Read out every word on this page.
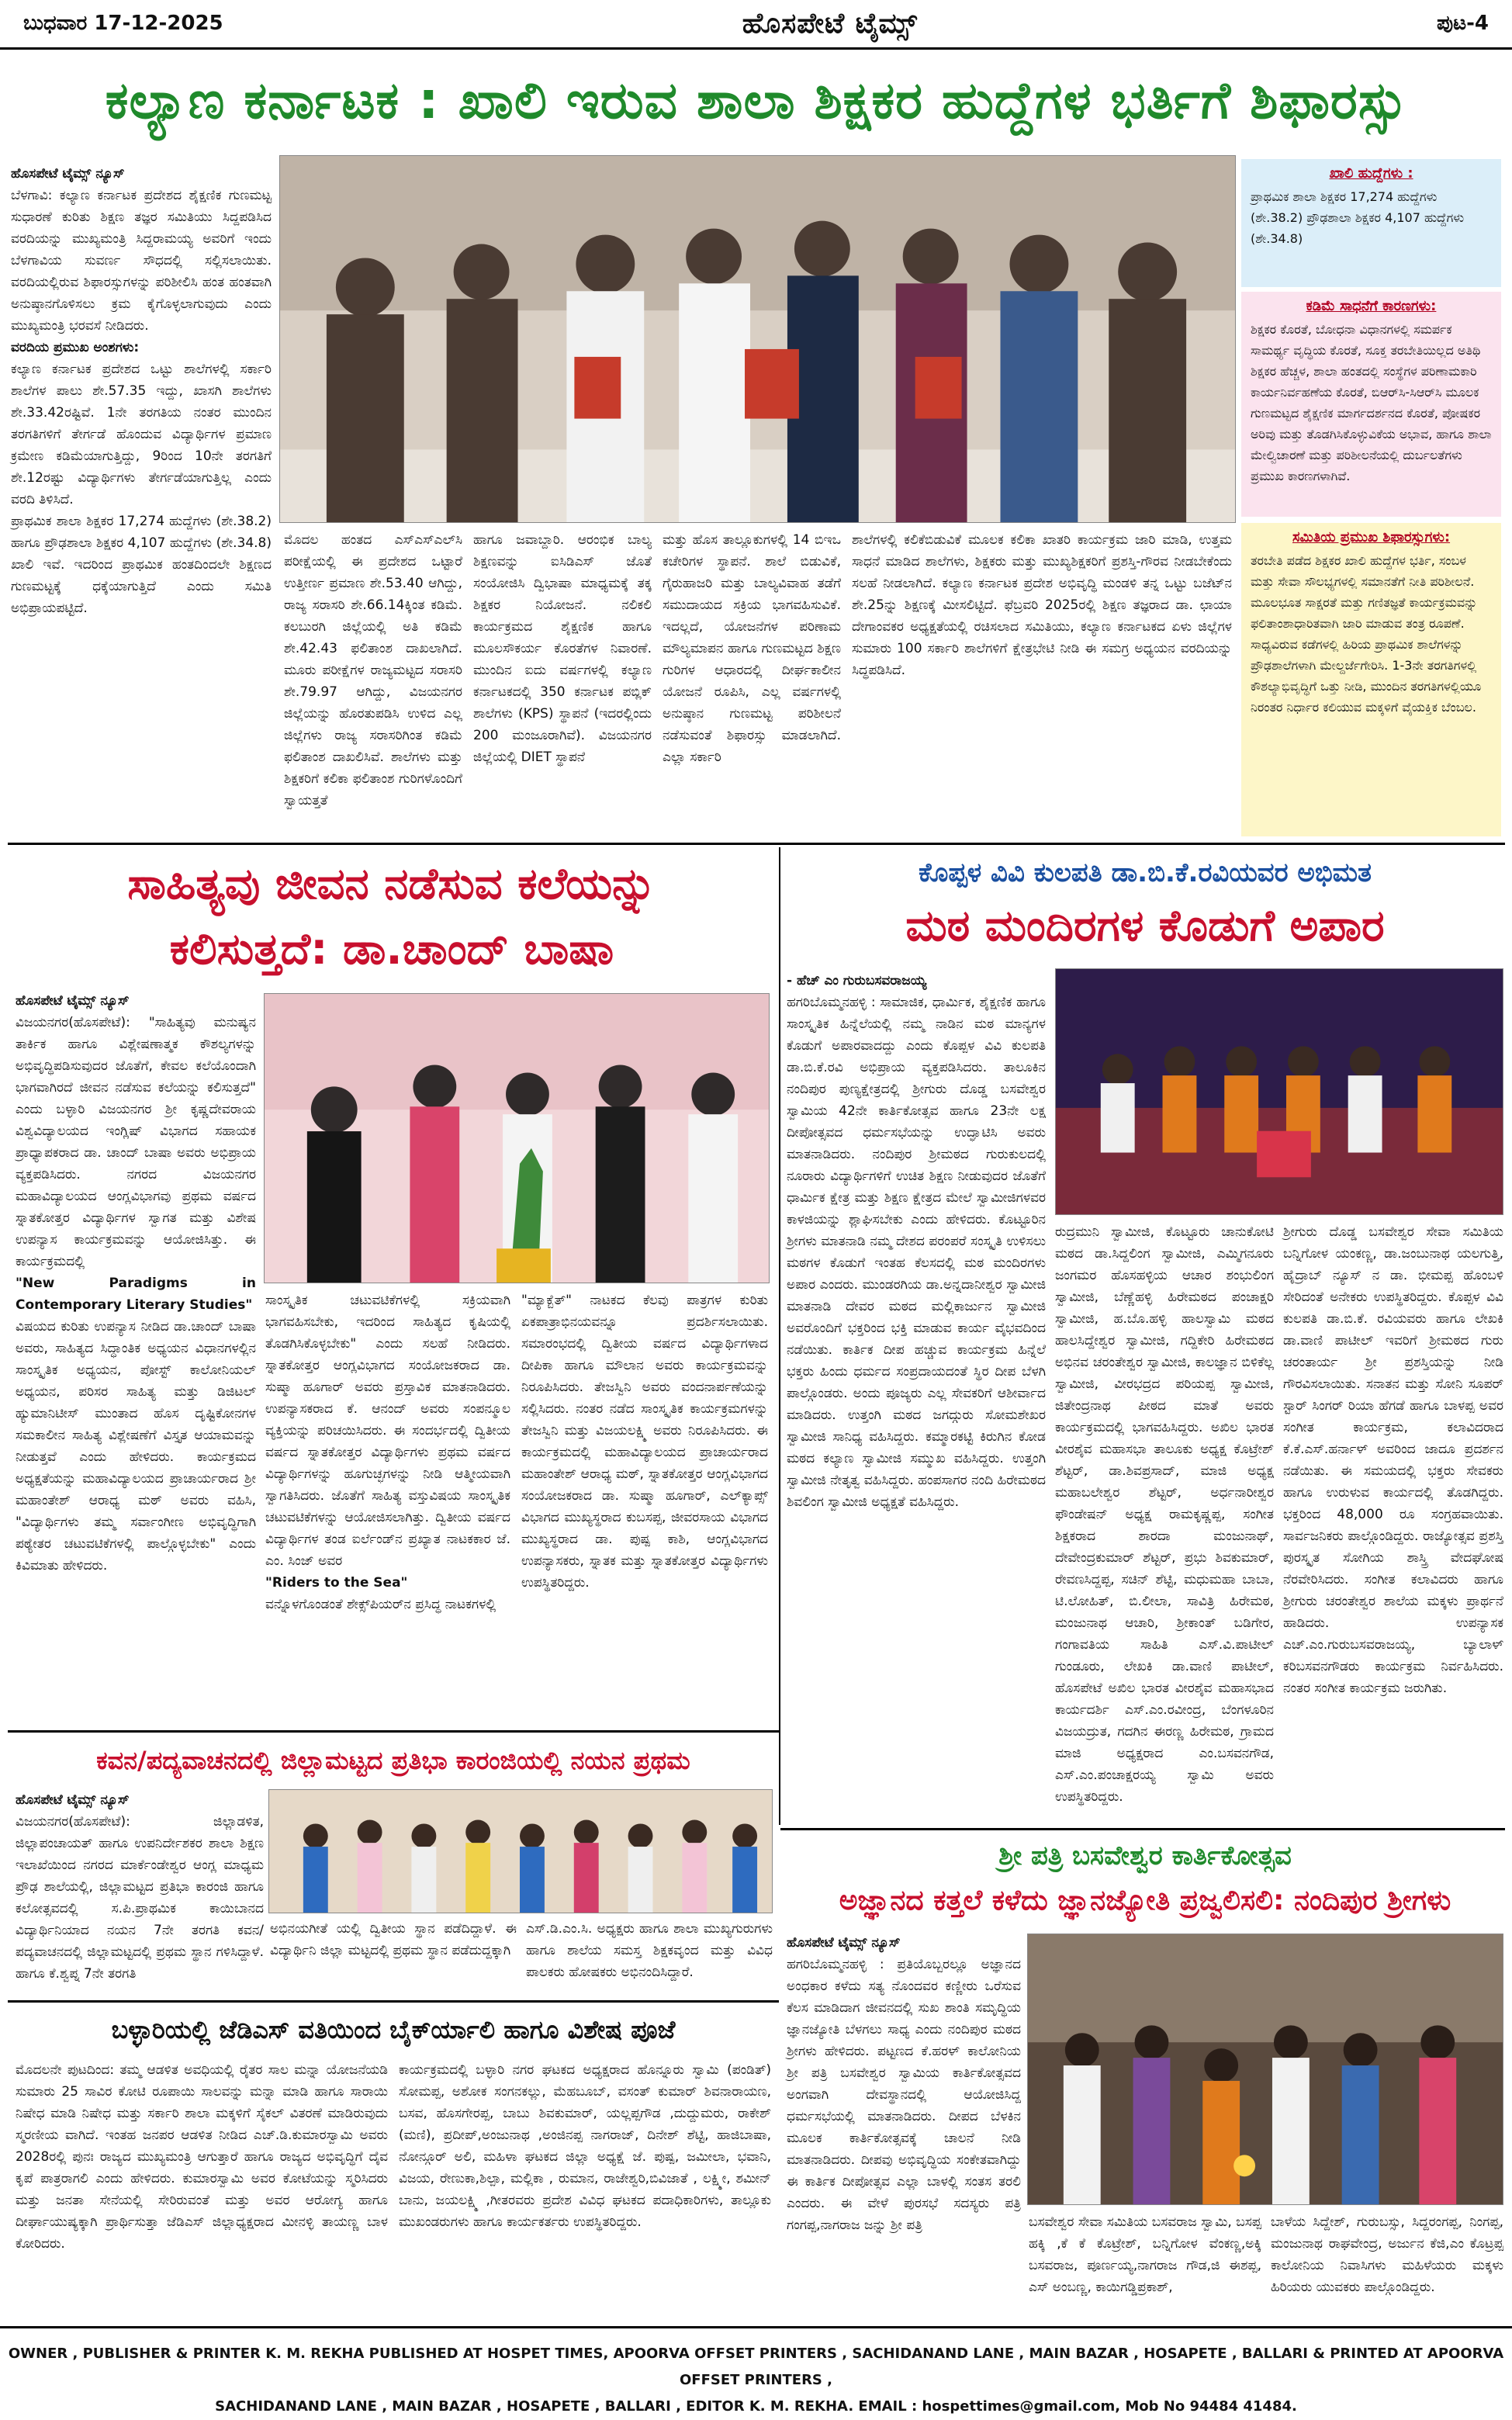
ಬುಧವಾರ 17-12-2025	ಹೊಸಪೇಟೆ ಟೈಮ್ಸ್	ಪುಟ-4
ಕಲ್ಯಾಣ ಕರ್ನಾಟಕ : ಖಾಲಿ ಇರುವ ಶಾಲಾ ಶಿಕ್ಷಕರ ಹುದ್ದೆಗಳ ಭರ್ತಿಗೆ ಶಿಫಾರಸ್ಸು
ಹೊಸಪೇಟೆ ಟೈಮ್ಸ್ ನ್ಯೂಸ್
ಬೆಳಗಾವಿ: ಕಲ್ಯಾಣ ಕರ್ನಾಟಕ ಪ್ರದೇಶದ ಶೈಕ್ಷಣಿಕ ಗುಣಮಟ್ಟ ಸುಧಾರಣೆ ಕುರಿತು ಶಿಕ್ಷಣ ತಜ್ಞರ ಸಮಿತಿಯು ಸಿದ್ದಪಡಿಸಿದ ವರದಿಯನ್ನು ಮುಖ್ಯಮಂತ್ರಿ ಸಿದ್ದರಾಮಯ್ಯ ಅವರಿಗೆ ಇಂದು ಬೆಳಗಾವಿಯ ಸುವರ್ಣ ಸೌಧದಲ್ಲಿ ಸಲ್ಲಿಸಲಾಯಿತು. ವರದಿಯಲ್ಲಿರುವ ಶಿಫಾರಸ್ಸುಗಳನ್ನು ಪರಿಶೀಲಿಸಿ ಹಂತ ಹಂತವಾಗಿ ಅನುಷ್ಠಾನಗೊಳಿಸಲು ಕ್ರಮ ಕೈಗೊಳ್ಳಲಾಗುವುದು ಎಂದು ಮುಖ್ಯಮಂತ್ರಿ ಭರವಸೆ ನೀಡಿದರು.
ವರದಿಯ ಪ್ರಮುಖ ಅಂಶಗಳು:
ಕಲ್ಯಾಣ ಕರ್ನಾಟಕ ಪ್ರದೇಶದ ಒಟ್ಟು ಶಾಲೆಗಳಲ್ಲಿ ಸರ್ಕಾರಿ ಶಾಲೆಗಳ ಪಾಲು ಶೇ.57.35 ಇದ್ದು, ಖಾಸಗಿ ಶಾಲೆಗಳು ಶೇ.33.42ರಷ್ಟಿವೆ. 1ನೇ ತರಗತಿಯ ನಂತರ ಮುಂದಿನ ತರಗತಿಗಳಿಗೆ ತೇರ್ಗಡೆ ಹೊಂದುವ ವಿದ್ಯಾರ್ಥಿಗಳ ಪ್ರಮಾಣ ಕ್ರಮೇಣ ಕಡಿಮೆಯಾಗುತ್ತಿದ್ದು, 9ರಿಂದ 10ನೇ ತರಗತಿಗೆ ಶೇ.12ರಷ್ಟು ವಿದ್ಯಾರ್ಥಿಗಳು ತೇರ್ಗಡೆಯಾಗುತ್ತಿಲ್ಲ ಎಂದು ವರದಿ ತಿಳಿಸಿದೆ.
ಪ್ರಾಥಮಿಕ ಶಾಲಾ ಶಿಕ್ಷಕರ 17,274 ಹುದ್ದೆಗಳು (ಶೇ.38.2) ಹಾಗೂ ಪ್ರೌಢಶಾಲಾ ಶಿಕ್ಷಕರ 4,107 ಹುದ್ದೆಗಳು (ಶೇ.34.8) ಖಾಲಿ ಇವೆ. ಇದರಿಂದ ಪ್ರಾಥಮಿಕ ಹಂತದಿಂದಲೇ ಶಿಕ್ಷಣದ ಗುಣಮಟ್ಟಕ್ಕೆ ಧಕ್ಕೆಯಾಗುತ್ತಿದೆ ಎಂದು ಸಮಿತಿ ಅಭಿಪ್ರಾಯಪಟ್ಟಿದೆ.
ಖಾಲಿ ಹುದ್ದೆಗಳು :
ಪ್ರಾಥಮಿಕ ಶಾಲಾ ಶಿಕ್ಷಕರ 17,274 ಹುದ್ದೆಗಳು (ಶೇ.38.2) ಪ್ರೌಢಶಾಲಾ ಶಿಕ್ಷಕರ 4,107 ಹುದ್ದೆಗಳು (ಶೇ.34.8)
ಕಡಿಮೆ ಸಾಧನೆಗೆ ಕಾರಣಗಳು:
ಶಿಕ್ಷಕರ ಕೊರತೆ, ಬೋಧನಾ ವಿಧಾನಗಳಲ್ಲಿ ಸಮರ್ಪಕ ಸಾಮರ್ಥ್ಯ ವೃದ್ಧಿಯ ಕೊರತೆ, ಸೂಕ್ತ ತರಬೇತಿಯಿಲ್ಲದ ಅತಿಥಿ ಶಿಕ್ಷಕರ ಹೆಚ್ಚಳ, ಶಾಲಾ ಹಂತದಲ್ಲಿ ಸಂಸ್ಥೆಗಳ ಪರಿಣಾಮಕಾರಿ ಕಾರ್ಯನಿರ್ವಹಣೆಯ ಕೊರತೆ, ಬಿಆರ್‌ಸಿ-ಸಿಆರ್‌ಸಿ ಮೂಲಕ ಗುಣಮಟ್ಟದ ಶೈಕ್ಷಣಿಕ ಮಾರ್ಗದರ್ಶನದ ಕೊರತೆ, ಪೋಷಕರ ಅರಿವು ಮತ್ತು ತೊಡಗಿಸಿಕೊಳ್ಳುವಿಕೆಯ ಅಭಾವ, ಹಾಗೂ ಶಾಲಾ ಮೇಲ್ವಿಚಾರಣೆ ಮತ್ತು ಪರಿಶೀಲನೆಯಲ್ಲಿ ದುರ್ಬಲತೆಗಳು ಪ್ರಮುಖ ಕಾರಣಗಳಾಗಿವೆ.
ಸಮಿತಿಯ ಪ್ರಮುಖ ಶಿಫಾರಸ್ಸುಗಳು:
ತರಬೇತಿ ಪಡೆದ ಶಿಕ್ಷಕರ ಖಾಲಿ ಹುದ್ದೆಗಳ ಭರ್ತಿ, ಸಂಬಳ ಮತ್ತು ಸೇವಾ ಸೌಲಭ್ಯಗಳಲ್ಲಿ ಸಮಾನತೆಗೆ ನೀತಿ ಪರಿಶೀಲನೆ. ಮೂಲಭೂತ ಸಾಕ್ಷರತೆ ಮತ್ತು ಗಣಿತಜ್ಞತೆ ಕಾರ್ಯಕ್ರಮವನ್ನು ಫಲಿತಾಂಶಾಧಾರಿತವಾಗಿ ಜಾರಿ ಮಾಡುವ ತಂತ್ರ ರೂಪಣೆ. ಸಾಧ್ಯವಿರುವ ಕಡೆಗಳಲ್ಲಿ ಹಿರಿಯ ಪ್ರಾಥಮಿಕ ಶಾಲೆಗಳನ್ನು ಪ್ರೌಢಶಾಲೆಗಳಾಗಿ ಮೇಲ್ದರ್ಜೆಗೇರಿಸಿ. 1-3ನೇ ತರಗತಿಗಳಲ್ಲಿ ಕೌಶಲ್ಯಾಭಿವೃದ್ಧಿಗೆ ಒತ್ತು ನೀಡಿ, ಮುಂದಿನ ತರಗತಿಗಳಲ್ಲಿಯೂ ನಿರಂತರ ನಿರ್ಧಾರ ಕಲಿಯುವ ಮಕ್ಕಳಿಗೆ ವೈಯಕ್ತಿಕ ಬೆಂಬಲ.
ಮೊದಲ ಹಂತದ ಎಸ್‌ಎಸ್‌ಎಲ್‌ಸಿ ಪರೀಕ್ಷೆಯಲ್ಲಿ ಈ ಪ್ರದೇಶದ ಒಟ್ಟಾರೆ ಉತ್ತೀರ್ಣ ಪ್ರಮಾಣ ಶೇ.53.40 ಆಗಿದ್ದು, ರಾಜ್ಯ ಸರಾಸರಿ ಶೇ.66.14ಕ್ಕಿಂತ ಕಡಿಮೆ. ಕಲಬುರಗಿ ಜಿಲ್ಲೆಯಲ್ಲಿ ಅತಿ ಕಡಿಮೆ ಶೇ.42.43 ಫಲಿತಾಂಶ ದಾಖಲಾಗಿದೆ. ಮೂರು ಪರೀಕ್ಷೆಗಳ ರಾಜ್ಯಮಟ್ಟದ ಸರಾಸರಿ ಶೇ.79.97 ಆಗಿದ್ದು, ವಿಜಯನಗರ ಜಿಲ್ಲೆಯನ್ನು ಹೊರತುಪಡಿಸಿ ಉಳಿದ ಎಲ್ಲ ಜಿಲ್ಲೆಗಳು ರಾಜ್ಯ ಸರಾಸರಿಗಿಂತ ಕಡಿಮೆ ಫಲಿತಾಂಶ ದಾಖಲಿಸಿವೆ. ಶಾಲೆಗಳು ಮತ್ತು ಶಿಕ್ಷಕರಿಗೆ ಕಲಿಕಾ ಫಲಿತಾಂಶ ಗುರಿಗಳೊಂದಿಗೆ ಸ್ವಾಯತ್ತತೆ
ಹಾಗೂ ಜವಾಬ್ದಾರಿ. ಆರಂಭಿಕ ಬಾಲ್ಯ ಶಿಕ್ಷಣವನ್ನು ಐಸಿಡಿಎಸ್ ಜೊತೆ ಸಂಯೋಜಿಸಿ ದ್ವಿಭಾಷಾ ಮಾಧ್ಯಮಕ್ಕೆ ತಕ್ಕ ಶಿಕ್ಷಕರ ನಿಯೋಜನೆ. ನಲಿಕಲಿ ಕಾರ್ಯಕ್ರಮದ ಶೈಕ್ಷಣಿಕ ಹಾಗೂ ಮೂಲಸೌಕರ್ಯ ಕೊರತೆಗಳ ನಿವಾರಣೆ. ಮುಂದಿನ ಐದು ವರ್ಷಗಳಲ್ಲಿ ಕಲ್ಯಾಣ ಕರ್ನಾಟಕದಲ್ಲಿ 350 ಕರ್ನಾಟಕ ಪಬ್ಲಿಕ್ ಶಾಲೆಗಳು (KPS) ಸ್ಥಾಪನೆ (ಇದರಲ್ಲಿಂದು 200 ಮಂಜೂರಾಗಿವೆ). ವಿಜಯನಗರ ಜಿಲ್ಲೆಯಲ್ಲಿ DIET ಸ್ಥಾಪನೆ
ಮತ್ತು ಹೊಸ ತಾಲ್ಲೂಕುಗಳಲ್ಲಿ 14 ಬಿಇಒ ಕಚೇರಿಗಳ ಸ್ಥಾಪನೆ. ಶಾಲೆ ಬಿಡುವಿಕೆ, ಗೈರುಹಾಜರಿ ಮತ್ತು ಬಾಲ್ಯವಿವಾಹ ತಡೆಗೆ ಸಮುದಾಯದ ಸಕ್ರಿಯ ಭಾಗವಹಿಸುವಿಕೆ. ಇದಲ್ಲದೆ, ಯೋಜನೆಗಳ ಪರಿಣಾಮ ಮೌಲ್ಯಮಾಪನ ಹಾಗೂ ಗುಣಮಟ್ಟದ ಶಿಕ್ಷಣ ಗುರಿಗಳ ಆಧಾರದಲ್ಲಿ ದೀರ್ಘಕಾಲೀನ ಯೋಜನೆ ರೂಪಿಸಿ, ಎಲ್ಲ ವರ್ಷಗಳಲ್ಲಿ ಅನುಷ್ಠಾನ ಗುಣಮಟ್ಟ ಪರಿಶೀಲನೆ ನಡೆಸುವಂತೆ ಶಿಫಾರಸ್ಸು ಮಾಡಲಾಗಿದೆ. ಎಲ್ಲಾ ಸರ್ಕಾರಿ
ಶಾಲೆಗಳಲ್ಲಿ ಕಲಿಕೆಬಿಡುವಿಕೆ ಮೂಲಕ ಕಲಿಕಾ ಖಾತರಿ ಕಾರ್ಯಕ್ರಮ ಜಾರಿ ಮಾಡಿ, ಉತ್ತಮ ಸಾಧನೆ ಮಾಡಿದ ಶಾಲೆಗಳು, ಶಿಕ್ಷಕರು ಮತ್ತು ಮುಖ್ಯಶಿಕ್ಷಕರಿಗೆ ಪ್ರಶಸ್ತಿ-ಗೌರವ ನೀಡಬೇಕೆಂದು ಸಲಹೆ ನೀಡಲಾಗಿದೆ. ಕಲ್ಯಾಣ ಕರ್ನಾಟಕ ಪ್ರದೇಶ ಅಭಿವೃದ್ಧಿ ಮಂಡಳಿ ತನ್ನ ಒಟ್ಟು ಬಜೆಟ್‌ನ ಶೇ.25ನ್ನು ಶಿಕ್ಷಣಕ್ಕೆ ಮೀಸಲಿಟ್ಟಿದೆ. ಫೆಬ್ರವರಿ 2025ರಲ್ಲಿ ಶಿಕ್ಷಣ ತಜ್ಞರಾದ ಡಾ. ಛಾಯಾ ದೇಗಾಂವಕರ ಅಧ್ಯಕ್ಷತೆಯಲ್ಲಿ ರಚಿಸಲಾದ ಸಮಿತಿಯು, ಕಲ್ಯಾಣ ಕರ್ನಾಟಕದ ಏಳು ಜಿಲ್ಲೆಗಳ ಸುಮಾರು 100 ಸರ್ಕಾರಿ ಶಾಲೆಗಳಿಗೆ ಕ್ಷೇತ್ರಭೇಟಿ ನೀಡಿ ಈ ಸಮಗ್ರ ಅಧ್ಯಯನ ವರದಿಯನ್ನು ಸಿದ್ಧಪಡಿಸಿದೆ.
ಸಾಹಿತ್ಯವು ಜೀವನ ನಡೆಸುವ ಕಲೆಯನ್ನು
ಕಲಿಸುತ್ತದೆ: ಡಾ.ಚಾಂದ್ ಬಾಷಾ
ಹೊಸಪೇಟೆ ಟೈಮ್ಸ್ ನ್ಯೂಸ್
ವಿಜಯನಗರ(ಹೊಸಪೇಟೆ): "ಸಾಹಿತ್ಯವು ಮನುಷ್ಯನ ತಾರ್ಕಿಕ ಹಾಗೂ ವಿಶ್ಲೇಷಣಾತ್ಮಕ ಕೌಶಲ್ಯಗಳನ್ನು ಅಭಿವೃದ್ಧಿಪಡಿಸುವುದರ ಜೊತೆಗೆ, ಕೇವಲ ಕಲೆಯೊಂದಾಗಿ ಭಾಗವಾಗಿರದೆ ಜೀವನ ನಡೆಸುವ ಕಲೆಯನ್ನು ಕಲಿಸುತ್ತದೆ" ಎಂದು ಬಳ್ಳಾರಿ ವಿಜಯನಗರ ಶ್ರೀ ಕೃಷ್ಣದೇವರಾಯ ವಿಶ್ವವಿದ್ಯಾಲಯದ ಇಂಗ್ಲಿಷ್ ವಿಭಾಗದ ಸಹಾಯಕ ಪ್ರಾಧ್ಯಾಪಕರಾದ ಡಾ. ಚಾಂದ್ ಬಾಷಾ ಅವರು ಅಭಿಪ್ರಾಯ ವ್ಯಕ್ತಪಡಿಸಿದರು. ನಗರದ ವಿಜಯನಗರ ಮಹಾವಿದ್ಯಾಲಯದ ಆಂಗ್ಲವಿಭಾಗವು ಪ್ರಥಮ ವರ್ಷದ ಸ್ನಾತಕೋತ್ತರ ವಿದ್ಯಾರ್ಥಿಗಳ ಸ್ವಾಗತ ಮತ್ತು ವಿಶೇಷ ಉಪನ್ಯಾಸ ಕಾರ್ಯಕ್ರಮವನ್ನು ಆಯೋಜಿಸಿತ್ತು. ಈ ಕಾರ್ಯಕ್ರಮದಲ್ಲಿ
"New Paradigms in Contemporary Literary Studies"
ವಿಷಯದ ಕುರಿತು ಉಪನ್ಯಾಸ ನೀಡಿದ ಡಾ.ಚಾಂದ್ ಬಾಷಾ ಅವರು, ಸಾಹಿತ್ಯದ ಸಿದ್ಧಾಂತಿಕ ಅಧ್ಯಯನ ವಿಧಾನಗಳಲ್ಲಿನ ಸಾಂಸ್ಕೃತಿಕ ಅಧ್ಯಯನ, ಪೋಸ್ಟ್ ಕಾಲೋನಿಯಲ್ ಅಧ್ಯಯನ, ಪರಿಸರ ಸಾಹಿತ್ಯ ಮತ್ತು ಡಿಜಿಟಲ್ ಹ್ಯುಮಾನಿಟೀಸ್ ಮುಂತಾದ ಹೊಸ ದೃಷ್ಟಿಕೋನಗಳ ಸಮಕಾಲೀನ ಸಾಹಿತ್ಯ ವಿಶ್ಲೇಷಣೆಗೆ ವಿಸ್ತೃತ ಆಯಾಮವನ್ನು ನೀಡುತ್ತವೆ ಎಂದು ಹೇಳಿದರು. ಕಾರ್ಯಕ್ರಮದ ಅಧ್ಯಕ್ಷತೆಯನ್ನು ಮಹಾವಿದ್ಯಾಲಯದ ಪ್ರಾಚಾರ್ಯರಾದ ಶ್ರೀ ಮಹಾಂತೇಶ್ ಆರಾಧ್ಯ ಮಠ್ ಅವರು ವಹಿಸಿ, "ವಿದ್ಯಾರ್ಥಿಗಳು ತಮ್ಮ ಸರ್ವಾಂಗೀಣ ಅಭಿವೃದ್ಧಿಗಾಗಿ ಪಠ್ಯೇತರ ಚಟುವಟಿಕೆಗಳಲ್ಲಿ ಪಾಲ್ಗೊಳ್ಳಬೇಕು" ಎಂದು ಕಿವಿಮಾತು ಹೇಳಿದರು.
ಸಾಂಸ್ಕೃತಿಕ ಚಟುವಟಿಕೆಗಳಲ್ಲಿ ಸಕ್ರಿಯವಾಗಿ ಭಾಗವಹಿಸಬೇಕು, ಇದರಿಂದ ಸಾಹಿತ್ಯದ ಕೃಷಿಯಲ್ಲಿ ತೊಡಗಿಸಿಕೊಳ್ಳಬೇಕು" ಎಂದು ಸಲಹೆ ನೀಡಿದರು. ಸ್ನಾತಕೋತ್ತರ ಆಂಗ್ಲವಿಭಾಗದ ಸಂಯೋಜಕರಾದ ಡಾ. ಸುಷ್ಮಾ ಹೂಗಾರ್ ಅವರು ಪ್ರಸ್ತಾವಿಕ ಮಾತನಾಡಿದರು. ಉಪನ್ಯಾಸಕರಾದ ಕೆ. ಆನಂದ್ ಅವರು ಸಂಪನ್ಮೂಲ ವ್ಯಕ್ತಿಯನ್ನು ಪರಿಚಯಿಸಿದರು. ಈ ಸಂದರ್ಭದಲ್ಲಿ ದ್ವಿತೀಯ ವರ್ಷದ ಸ್ನಾತಕೋತ್ತರ ವಿದ್ಯಾರ್ಥಿಗಳು ಪ್ರಥಮ ವರ್ಷದ ವಿದ್ಯಾರ್ಥಿಗಳನ್ನು ಹೂಗುಚ್ಛಗಳನ್ನು ನೀಡಿ ಆತ್ಮೀಯವಾಗಿ ಸ್ವಾಗತಿಸಿದರು. ಜೊತೆಗೆ ಸಾಹಿತ್ಯ ವಸ್ತುವಿಷಯ ಸಾಂಸ್ಕೃತಿಕ ಚಟುವಟಿಕೆಗಳನ್ನು ಆಯೋಜಿಸಲಾಗಿತ್ತು. ದ್ವಿತೀಯ ವರ್ಷದ ವಿದ್ಯಾರ್ಥಿಗಳ ತಂಡ ಐರ್ಲೆಂಡ್‌ನ ಪ್ರಖ್ಯಾತ ನಾಟಕಕಾರ ಜೆ. ಎಂ. ಸಿಂಜ್ ಅವರ
"Riders to the Sea"
ವನ್ನೊಳಗೊಂಡಂತೆ ಶೇಕ್ಸ್‌ಪಿಯರ್‌ನ ಪ್ರಸಿದ್ಧ ನಾಟಕಗಳಲ್ಲಿ
"ಮ್ಯಾಕ್ಬೆತ್" ನಾಟಕದ ಕೆಲವು ಪಾತ್ರಗಳ ಕುರಿತು ಏಕಪಾತ್ರಾಭಿನಯವನ್ನೂ ಪ್ರದರ್ಶಿಸಲಾಯಿತು. ಸಮಾರಂಭದಲ್ಲಿ ದ್ವಿತೀಯ ವರ್ಷದ ವಿದ್ಯಾರ್ಥಿಗಳಾದ ದೀಪಿಕಾ ಹಾಗೂ ಮೌಲಾನ ಅವರು ಕಾರ್ಯಕ್ರಮವನ್ನು ನಿರೂಪಿಸಿದರು. ತೇಜಸ್ವಿನಿ ಅವರು ವಂದನಾರ್ಪಣೆಯನ್ನು ಸಲ್ಲಿಸಿದರು. ನಂತರ ನಡೆದ ಸಾಂಸ್ಕೃತಿಕ ಕಾರ್ಯಕ್ರಮಗಳನ್ನು ತೇಜಸ್ವಿನಿ ಮತ್ತು ವಿಜಯಲಕ್ಷ್ಮಿ ಅವರು ನಿರೂಪಿಸಿದರು. ಈ ಕಾರ್ಯಕ್ರಮದಲ್ಲಿ ಮಹಾವಿದ್ಯಾಲಯದ ಪ್ರಾಚಾರ್ಯರಾದ ಮಹಾಂತೇಶ್ ಆರಾಧ್ಯ ಮಠ್, ಸ್ನಾತಕೋತ್ತರ ಆಂಗ್ಲವಿಭಾಗದ ಸಂಯೋಜಕರಾದ ಡಾ. ಸುಷ್ಮಾ ಹೂಗಾರ್, ಎಲ್‌ಕ್ಯಾಪ್ಸ್ ವಿಭಾಗದ ಮುಖ್ಯಸ್ಥರಾದ ಕುಬಸಪ್ಪ, ಜೀವರಸಾಯ ವಿಭಾಗದ ಮುಖ್ಯಸ್ಥರಾದ ಡಾ. ಪುಷ್ಪ ಕಾಶಿ, ಆಂಗ್ಲವಿಭಾಗದ ಉಪನ್ಯಾಸಕರು, ಸ್ನಾತಕ ಮತ್ತು ಸ್ನಾತಕೋತ್ತರ ವಿದ್ಯಾರ್ಥಿಗಳು ಉಪಸ್ಥಿತರಿದ್ದರು.
ಕೊಪ್ಪಳ ವಿವಿ ಕುಲಪತಿ ಡಾ.ಬಿ.ಕೆ.ರವಿಯವರ ಅಭಿಮತ
ಮಠ ಮಂದಿರಗಳ ಕೊಡುಗೆ ಅಪಾರ
- ಹೆಚ್ ಎಂ ಗುರುಬಸವರಾಜಯ್ಯ
ಹಗರಿಬೊಮ್ಮನಹಳ್ಳಿ : ಸಾಮಾಜಿಕ, ಧಾರ್ಮಿಕ, ಶೈಕ್ಷಣಿಕ ಹಾಗೂ ಸಾಂಸ್ಕೃತಿಕ ಹಿನ್ನೆಲೆಯಲ್ಲಿ ನಮ್ಮ ನಾಡಿನ ಮಠ ಮಾನ್ಯಗಳ ಕೊಡುಗೆ ಅಪಾರವಾದದ್ದು ಎಂದು ಕೊಪ್ಪಳ ವಿವಿ ಕುಲಪತಿ ಡಾ.ಬಿ.ಕೆ.ರವಿ ಅಭಿಪ್ರಾಯ ವ್ಯಕ್ತಪಡಿಸಿದರು. ತಾಲೂಕಿನ ನಂದಿಪುರ ಪುಣ್ಯಕ್ಷೇತ್ರದಲ್ಲಿ ಶ್ರೀಗುರು ದೊಡ್ಡ ಬಸವೇಶ್ವರ ಸ್ವಾಮಿಯ 42ನೇ ಕಾರ್ತಿಕೋತ್ಸವ ಹಾಗೂ 23ನೇ ಲಕ್ಷ ದೀಪೋತ್ಸವದ ಧರ್ಮಸಭೆಯನ್ನು ಉದ್ಘಾಟಿಸಿ ಅವರು ಮಾತನಾಡಿದರು. ನಂದಿಪುರ ಶ್ರೀಮಠದ ಗುರುಕುಲದಲ್ಲಿ ನೂರಾರು ವಿದ್ಯಾರ್ಥಿಗಳಿಗೆ ಉಚಿತ ಶಿಕ್ಷಣ ನೀಡುವುದರ ಜೊತೆಗೆ ಧಾರ್ಮಿಕ ಕ್ಷೇತ್ರ ಮತ್ತು ಶಿಕ್ಷಣ ಕ್ಷೇತ್ರದ ಮೇಲೆ ಸ್ವಾಮೀಜಿಗಳವರ ಕಾಳಜಿಯನ್ನು ಶ್ಲಾಘಿಸಬೇಕು ಎಂದು ಹೇಳಿದರು. ಕೊಟ್ಟೂರಿನ ಶ್ರೀಗಳು ಮಾತನಾಡಿ ನಮ್ಮ ದೇಶದ ಪರಂಪರೆ ಸಂಸ್ಕೃತಿ ಉಳಿಸಲು ಮಠಗಳ ಕೊಡುಗೆ ಇಂತಹ ಕೆಲಸದಲ್ಲಿ ಮಠ ಮಂದಿರಗಳು ಅಪಾರ ಎಂದರು. ಮುಂಡರಗಿಯ ಡಾ.ಅನ್ನದಾನೀಶ್ವರ ಸ್ವಾಮೀಜಿ ಮಾತನಾಡಿ ದೇವರ ಮಠದ ಮಲ್ಲಿಕಾರ್ಜುನ ಸ್ವಾಮೀಜಿ ಅವರೊಂದಿಗೆ ಭಕ್ತರಿಂದ ಭಕ್ತಿ ಮಾಡುವ ಕಾರ್ಯ ವೈಭವದಿಂದ ನಡೆಯಿತು. ಕಾರ್ತಿಕ ದೀಪ ಹಚ್ಚುವ ಕಾರ್ಯಕ್ರಮ ಹಿನ್ನೆಲೆ ಭಕ್ತರು ಹಿಂದು ಧರ್ಮದ ಸಂಪ್ರದಾಯದಂತೆ ಸ್ಥಿರ ದೀಪ ಬೆಳಗಿ ಪಾಲ್ಗೊಂಡರು. ಅಂದು ಪೂಜ್ಯರು ಎಲ್ಲ ಸೇವಕರಿಗೆ ಆಶೀರ್ವಾದ ಮಾಡಿದರು. ಉತ್ತಂಗಿ ಮಠದ ಜಗದ್ಗುರು ಸೋಮಶೇಖರ ಸ್ವಾಮೀಜಿ ಸಾನಿಧ್ಯ ವಹಿಸಿದ್ದರು. ಕಮ್ಮಾರಕಟ್ಟಿ ಕಿರುಗಿನ ಕೋಡ ಮಠದ ಕಲ್ಯಾಣ ಸ್ವಾಮೀಜಿ ಸಮ್ಮುಖ ವಹಿಸಿದ್ದರು. ಉತ್ತಂಗಿ ಸ್ವಾಮೀಜಿ ನೇತೃತ್ವ ವಹಿಸಿದ್ದರು. ಹಂಪಸಾಗರ ನಂದಿ ಹಿರೇಮಠದ ಶಿವಲಿಂಗ ಸ್ವಾಮೀಜಿ ಅಧ್ಯಕ್ಷತೆ ವಹಿಸಿದ್ದರು.
ರುದ್ರಮುನಿ ಸ್ವಾಮೀಜಿ, ಕೊಟ್ಟೂರು ಚಾನುಕೋಟಿ ಮಠದ ಡಾ.ಸಿದ್ದಲಿಂಗ ಸ್ವಾಮೀಜಿ, ಎಮ್ಮಿಗನೂರು ಜಂಗಮರ ಹೊಸಹಳ್ಳಿಯ ಆಚಾರ ಶಂಭುಲಿಂಗ ಸ್ವಾಮೀಜಿ, ಬೆಣ್ಣೆಹಳ್ಳಿ ಹಿರೇಮಠದ ಪಂಚಾಕ್ಷರಿ ಸ್ವಾಮೀಜಿ, ಹ.ಬೊ.ಹಳ್ಳಿ ಹಾಲಸ್ವಾಮಿ ಮಠದ ಹಾಲಸಿದ್ದೇಶ್ವರ ಸ್ವಾಮೀಜಿ, ಗದ್ದಿಕೇರಿ ಹಿರೇಮಠದ ಅಭಿನವ ಚರಂತೇಶ್ವರ ಸ್ವಾಮೀಜಿ, ಕಾಲಜ್ಞಾನ ಬಿಳಿಕೆಲ್ಲ ಸ್ವಾಮೀಜಿ, ವೀರಭದ್ರದ ಪರಿಯಪ್ಪ ಸ್ವಾಮೀಜಿ, ಜಿತೇಂದ್ರನಾಥ ಪೀಠದ ಮಾತೆ ಅವರು ಕಾರ್ಯಕ್ರಮದಲ್ಲಿ ಭಾಗವಹಿಸಿದ್ದರು. ಅಖಿಲ ಭಾರತ ವೀರಶೈವ ಮಹಾಸಭಾ ತಾಲೂಕು ಅಧ್ಯಕ್ಷ ಕೊಟ್ರೇಶ್ ಶೆಟ್ಟರ್, ಡಾ.ಶಿವಪ್ರಸಾದ್, ಮಾಜಿ ಅಧ್ಯಕ್ಷ ಮಹಾಬಲೇಶ್ವರ ಶೆಟ್ಟರ್, ಅರ್ಧನಾರೀಶ್ವರ ಫೌಂಡೇಷನ್ ಅಧ್ಯಕ್ಷ ರಾಮಕೃಷ್ಣಪ್ಪ, ಸಂಗೀತ ಶಿಕ್ಷಕರಾದ ಶಾರದಾ ಮಂಜುನಾಥ್, ದೇವೇಂದ್ರಕುಮಾರ್ ಶೆಟ್ಟರ್, ಪ್ರಭು ಶಿವಕುಮಾರ್, ರೇವಣಸಿದ್ದಪ್ಪ, ಸಚಿನ್ ಶೆಟ್ಟಿ, ಮಧುಮಹಾ ಬಾಬಾ, ಟಿ.ಲೋಹಿತ್, ಬಿ.ಲೀಲಾ, ಸಾವಿತ್ರಿ ಹಿರೇಮಠ, ಮಂಜುನಾಥ ಆಚಾರಿ, ಶ್ರೀಕಾಂತ್ ಬಡಿಗೇರ, ಗಂಗಾವತಿಯ ಸಾಹಿತಿ ಎಸ್.ವಿ.ಪಾಟೀಲ್ ಗುಂಡೂರು, ಲೇಖಕಿ ಡಾ.ವಾಣಿ ಪಾಟೀಲ್, ಹೊಸಪೇಟೆ ಅಖಿಲ ಭಾರತ ವೀರಶೈವ ಮಹಾಸಭಾದ ಕಾರ್ಯದರ್ಶಿ ಎಸ್.ಎಂ.ರವೀಂದ್ರ, ಬೆಂಗಳೂರಿನ ವಿಜಯದ್ರುತ, ಗದಗಿನ ಈರಣ್ಣ ಹಿರೇಮಠ, ಗ್ರಾಮದ ಮಾಜಿ ಅಧ್ಯಕ್ಷರಾದ ಎಂ.ಬಸವನಗೌಡ, ಎಸ್.ಎಂ.ಪಂಚಾಕ್ಷರಯ್ಯ ಸ್ವಾಮಿ ಅವರು ಉಪಸ್ಥಿತರಿದ್ದರು.
ಶ್ರೀಗುರು ದೊಡ್ಡ ಬಸವೇಶ್ವರ ಸೇವಾ ಸಮಿತಿಯ ಬನ್ನಿಗೋಳ ಯಂಕಣ್ಣ, ಡಾ.ಜಂಬುನಾಥ ಯಲಗುತ್ತಿ, ಹೈದ್ರಾಬ್ ನ್ಯೂಸ್ ನ ಡಾ. ಭೀಮಪ್ಪ ಹೊಂಬಳಿ ಸೇರಿದಂತೆ ಅನೇಕರು ಉಪಸ್ಥಿತರಿದ್ದರು. ಕೊಪ್ಪಳ ವಿವಿ ಕುಲಪತಿ ಡಾ.ಬಿ.ಕೆ. ರವಿಯವರು ಹಾಗೂ ಲೇಖಕಿ ಡಾ.ವಾಣಿ ಪಾಟೀಲ್ ಇವರಿಗೆ ಶ್ರೀಮಠದ ಗುರು ಚರಂತಾರ್ಯ ಶ್ರೀ ಪ್ರಶಸ್ತಿಯನ್ನು ನೀಡಿ ಗೌರವಿಸಲಾಯಿತು. ಸನಾತನ ಮತ್ತು ಸೋನಿ ಸೂಪರ್ ಸ್ಟಾರ್ ಸಿಂಗರ್ ರಿಯಾ ಹೆಗಡೆ ಹಾಗೂ ಬಾಳಪ್ಪ ಅವರ ಸಂಗೀತ ಕಾರ್ಯಕ್ರಮ, ಕಲಾವಿದರಾದ ಕೆ.ಕೆ.ಎಸ್.ಹರ್ನಾಳ್ ಅವರಿಂದ ಜಾದೂ ಪ್ರದರ್ಶನ ನಡೆಯಿತು. ಈ ಸಮಯದಲ್ಲಿ ಭಕ್ತರು ಸೇವಕರು ಹಾಗೂ ಉರುಳುವ ಕಾರ್ಯದಲ್ಲಿ ತೊಡಗಿದ್ದರು. ಭಕ್ತರಿಂದ 48,000 ರೂ ಸಂಗ್ರಹವಾಯಿತು. ಸಾರ್ವಜನಿಕರು ಪಾಲ್ಗೊಂಡಿದ್ದರು. ರಾಜ್ಯೋತ್ಸವ ಪ್ರಶಸ್ತಿ ಪುರಸ್ಕೃತ ಸೋಗಿಯ ಶಾಸ್ತ್ರಿ ವೇದಘೋಷ ನೆರವೇರಿಸಿದರು. ಸಂಗೀತ ಕಲಾವಿದರು ಹಾಗೂ ಶ್ರೀಗುರು ಚರಂತೇಶ್ವರ ಶಾಲೆಯ ಮಕ್ಕಳು ಪ್ರಾರ್ಥನೆ ಹಾಡಿದರು. ಉಪನ್ಯಾಸಕ ಎಚ್.ಎಂ.ಗುರುಬಸವರಾಜಯ್ಯ, ಬ್ಯಾಲಾಳ್ ಕರಿಬಸವನಗೌಡರು ಕಾರ್ಯಕ್ರಮ ನಿರ್ವಹಿಸಿದರು. ನಂತರ ಸಂಗೀತ ಕಾರ್ಯಕ್ರಮ ಜರುಗಿತು.
ಕವನ/ಪದ್ಯವಾಚನದಲ್ಲಿ ಜಿಲ್ಲಾಮಟ್ಟದ ಪ್ರತಿಭಾ ಕಾರಂಜಿಯಲ್ಲಿ ನಯನ ಪ್ರಥಮ
ಹೊಸಪೇಟೆ ಟೈಮ್ಸ್ ನ್ಯೂಸ್
ವಿಜಯನಗರ(ಹೊಸಪೇಟೆ): ಜಿಲ್ಲಾಡಳಿತ, ಜಿಲ್ಲಾಪಂಚಾಯತ್ ಹಾಗೂ ಉಪನಿರ್ದೇಶಕರ ಶಾಲಾ ಶಿಕ್ಷಣ ಇಲಾಖೆಯಿಂದ ನಗರದ ಮಾರ್ಕೆಂಡೇಶ್ವರ ಆಂಗ್ಲ ಮಾಧ್ಯಮ ಪ್ರೌಢ ಶಾಲೆಯಲ್ಲಿ, ಜಿಲ್ಲಾಮಟ್ಟದ ಪ್ರತಿಭಾ ಕಾರಂಜಿ ಹಾಗೂ ಕಲೋತ್ಸವದಲ್ಲಿ ಸ.ಪಿ.ಪ್ರಾಥಮಿಕ ಕಾಯಿಬಾನದ ವಿದ್ಯಾರ್ಥಿನಿಯಾದ ನಯನ 7ನೇ ತರಗತಿ ಕವನ/ಪದ್ಯವಾಚನದಲ್ಲಿ ಜಿಲ್ಲಾಮಟ್ಟದಲ್ಲಿ ಪ್ರಥಮ ಸ್ಥಾನ ಗಳಿಸಿದ್ದಾಳೆ. ಹಾಗೂ ಕೆ.ಶ್ವಪ್ನ 7ನೇ ತರಗತಿ
ಅಭಿನಯಗೀತೆ ಯಲ್ಲಿ ದ್ವಿತೀಯ ಸ್ಥಾನ ಪಡೆದಿದ್ದಾಳೆ. ಈ ವಿದ್ಯಾರ್ಥಿನಿ ಜಿಲ್ಲಾ ಮಟ್ಟದಲ್ಲಿ ಪ್ರಥಮ ಸ್ಥಾನ ಪಡೆದುದ್ದಕ್ಕಾಗಿ
ಎಸ್.ಡಿ.ಎಂ.ಸಿ. ಅಧ್ಯಕ್ಷರು ಹಾಗೂ ಶಾಲಾ ಮುಖ್ಯಗುರುಗಳು ಹಾಗೂ ಶಾಲೆಯ ಸಮಸ್ತ ಶಿಕ್ಷಕವೃಂದ ಮತ್ತು ವಿವಿಧ ಪಾಲಕರು ಹೋಷಕರು ಅಭಿನಂದಿಸಿದ್ದಾರೆ.
ಬಳ್ಳಾರಿಯಲ್ಲಿ ಜೆಡಿಎಸ್ ವತಿಯಿಂದ ಬೈಕ್‌ರ್ಯಾಲಿ ಹಾಗೂ ವಿಶೇಷ ಪೂಜೆ
ಮೊದಲನೇ ಪುಟದಿಂದ: ತಮ್ಮ ಆಡಳಿತ ಅವಧಿಯಲ್ಲಿ ರೈತರ ಸಾಲ ಮನ್ನಾ ಯೋಜನೆಯಡಿ ಸುಮಾರು 25 ಸಾವಿರ ಕೋಟಿ ರೂಪಾಯಿ ಸಾಲವನ್ನು ಮನ್ನಾ ಮಾಡಿ ಹಾಗೂ ಸಾರಾಯಿ ನಿಷೇಧ ಮಾಡಿ ನಿಷೇಧ ಮತ್ತು ಸರ್ಕಾರಿ ಶಾಲಾ ಮಕ್ಕಳಿಗೆ ಸೈಕಲ್ ವಿತರಣೆ ಮಾಡಿರುವುದು ಸ್ಮರಣೀಯ ವಾಗಿದೆ. ಇಂತಹ ಜನಪರ ಆಡಳಿತ ನೀಡಿದ ಎಚ್.ಡಿ.ಕುಮಾರಸ್ವಾಮಿ ಅವರು 2028ರಲ್ಲಿ ಪುನಃ ರಾಜ್ಯದ ಮುಖ್ಯಮಂತ್ರಿ ಆಗುತ್ತಾರೆ ಹಾಗೂ ರಾಜ್ಯದ ಅಭಿವೃದ್ಧಿಗೆ ದೈವ ಕೃಪೆ ಪಾತ್ರರಾಗಲಿ ಎಂದು ಹೇಳಿದರು. ಕುಮಾರಸ್ವಾಮಿ ಅವರ ಕೋಟೆಯನ್ನು ಸ್ಮರಿಸಿದರು ಮತ್ತು ಜನತಾ ಸೇನೆಯಲ್ಲಿ ಸೇರಿರುವಂತೆ ಮತ್ತು ಅವರ ಆರೋಗ್ಯ ಹಾಗೂ ದೀರ್ಘಾಯುಷ್ಯಕ್ಕಾಗಿ ಪ್ರಾರ್ಥಿಸುತ್ತಾ ಜೆಡಿಎಸ್ ಜಿಲ್ಲಾಧ್ಯಕ್ಷರಾದ ಮೀನಳ್ಳಿ ತಾಯಣ್ಣ ಬಾಳ ಕೋರಿದರು.
ಕಾರ್ಯಕ್ರಮದಲ್ಲಿ ಬಳ್ಳಾರಿ ನಗರ ಘಟಕದ ಅಧ್ಯಕ್ಷರಾದ ಹೊನ್ನೂರು ಸ್ವಾಮಿ (ಪಂಡಿತ್) ಸೋಮಪ್ಪ, ಅಶೋಕ ಸಂಗನಕಲ್ಲು, ಮೆಹಬೂಬ್, ವಸಂತ್ ಕುಮಾರ್ ಶಿವನಾರಾಯಣ, ಬಸವ, ಹೊಸಗೇರಪ್ಪ, ಬಾಬು ಶಿವಕುಮಾರ್, ಯಲ್ಲಪ್ಪಗೌಡ ,ದುದ್ದುಮರು, ರಾಕೇಶ್ (ಮಣಿ), ಪ್ರದೀಪ್,ಅಂಜುನಾಥ ,ಅಂಜಿನಪ್ಪ ನಾಗರಾಜ್, ದಿನೇಶ್ ಶೆಟ್ಟಿ, ಹಾಜಿಬಾಷಾ, ನೋನ್ಗೂರ್ ಅಲಿ, ಮಹಿಳಾ ಘಟಕದ ಜಿಲ್ಲಾ ಅಧ್ಯಕ್ಷೆ ಜೆ. ಪುಷ್ಪ, ಜಮೀಲಾ, ಭವಾನಿ, ವಿಜಯ, ರೇಣುಕಾ,ಶಿಲ್ಪಾ, ಮಲ್ಲಿಕಾ , ರುಮಾನ, ರಾಜೇಶ್ವರಿ,ಬಿವಿಜಾತೆ , ಲಕ್ಷ್ಮೀ, ಶಮೀನ್ ಬಾನು, ಜಯಲಕ್ಷ್ಮಿ ,ಗೀತರವರು ಪ್ರದೇಶ ವಿವಿಧ ಘಟಕದ ಪದಾಧಿಕಾರಿಗಳು, ತಾಲ್ಲೂಕು ಮುಖಂಡರುಗಳು ಹಾಗೂ ಕಾರ್ಯಕರ್ತರು ಉಪಸ್ಥಿತರಿದ್ದರು.
ಶ್ರೀ ಪತ್ರಿ ಬಸವೇಶ್ವರ ಕಾರ್ತಿಕೋತ್ಸವ
ಅಜ್ಞಾನದ ಕತ್ತಲೆ ಕಳೆದು ಜ್ಞಾನಜ್ಯೋತಿ ಪ್ರಜ್ವಲಿಸಲಿ: ನಂದಿಪುರ ಶ್ರೀಗಳು
ಹೊಸಪೇಟೆ ಟೈಮ್ಸ್ ನ್ಯೂಸ್
ಹಗರಿಬೊಮ್ಮನಹಳ್ಳಿ : ಪ್ರತಿಯೊಬ್ಬರಲ್ಲೂ ಅಜ್ಞಾನದ ಅಂಧಕಾರ ಕಳೆದು ಸತ್ಯ ನೊಂದವರ ಕಣ್ಣೀರು ಒರೆಸುವ ಕೆಲಸ ಮಾಡಿದಾಗ ಜೀವನದಲ್ಲಿ ಸುಖ ಶಾಂತಿ ಸಮೃದ್ಧಿಯ ಜ್ಞಾನಜ್ಯೋತಿ ಬೆಳಗಲು ಸಾಧ್ಯ ಎಂದು ನಂದಿಪುರ ಮಠದ ಶ್ರೀಗಳು ಹೇಳಿದರು. ಪಟ್ಟಣದ ಕೆ.ಹರಳ್ ಕಾಲೋನಿಯ ಶ್ರೀ ಪತ್ರಿ ಬಸವೇಶ್ವರ ಸ್ವಾಮಿಯ ಕಾರ್ತಿಕೋತ್ಸವದ ಅಂಗವಾಗಿ ದೇವಸ್ಥಾನದಲ್ಲಿ ಆಯೋಜಿಸಿದ್ದ ಧರ್ಮಸಭೆಯಲ್ಲಿ ಮಾತನಾಡಿದರು. ದೀಪದ ಬೆಳಕಿನ ಮೂಲಕ ಕಾರ್ತಿಕೋತ್ಸವಕ್ಕೆ ಚಾಲನೆ ನೀಡಿ ಮಾತನಾಡಿದರು. ದೀಪವು ಅಭಿವೃದ್ಧಿಯ ಸಂಕೇತವಾಗಿದ್ದು ಈ ಕಾರ್ತಿಕ ದೀಪೋತ್ಸವ ಎಲ್ಲಾ ಬಾಳಲ್ಲಿ ಸಂತಸ ತರಲಿ ಎಂದರು. ಈ ವೇಳೆ ಪುರಸಭೆ ಸದಸ್ಯರು ಪತ್ರಿ ಗಂಗಪ್ಪ,ನಾಗರಾಜ ಜನ್ನು ಶ್ರೀ ಪತ್ರಿ	ಬಸವೇಶ್ವರ ಸೇವಾ ಸಮಿತಿಯ ಬಸವರಾಜ ಸ್ವಾಮಿ, ಬಸಪ್ಪ ಹಕ್ಕಿ ,ಕೆ ಕೆ ಕೊಟ್ರೇಶ್, ಬನ್ನಿಗೋಳ ವೆಂಕಣ್ಣ,ಅಕ್ಕಿ ಬಸವರಾಜ, ಪೂರ್ಣಯ್ಯ,ನಾಗರಾಜ ಗೌಡ,ಜಿ ಈಶಪ್ಪ, ಎಸ್ ಅಂಬಣ್ಣ, ಕಾಯಿಗಡ್ಡಿಪ್ರಕಾಶ್,
ಬಾಳೆಯ ಸಿದ್ದೇಶ್, ಗುರುಬಸ್ಸು, ಸಿದ್ದರಂಗಪ್ಪ, ನಿಂಗಪ್ಪ, ಮಂಜುನಾಥ ರಾಘವೇಂದ್ರ, ಅರ್ಜುನ ಕೆಜಿ,ಎಂ ಕೊಟ್ರಪ್ಪ ಕಾಲೋನಿಯ ನಿವಾಸಿಗಳು ಮಹಿಳೆಯರು ಮಕ್ಕಳು ಹಿರಿಯರು ಯುವಕರು ಪಾಲ್ಗೊಂಡಿದ್ದರು.
OWNER , PUBLISHER & PRINTER K. M. REKHA PUBLISHED AT HOSPET TIMES, APOORVA OFFSET PRINTERS , SACHIDANAND LANE , MAIN BAZAR , HOSAPETE , BALLARI & PRINTED AT APOORVA OFFSET PRINTERS ,
SACHIDANAND LANE , MAIN BAZAR , HOSAPETE , BALLARI , EDITOR K. M. REKHA. EMAIL : hospettimes@gmail.com, Mob No 94484 41484.
